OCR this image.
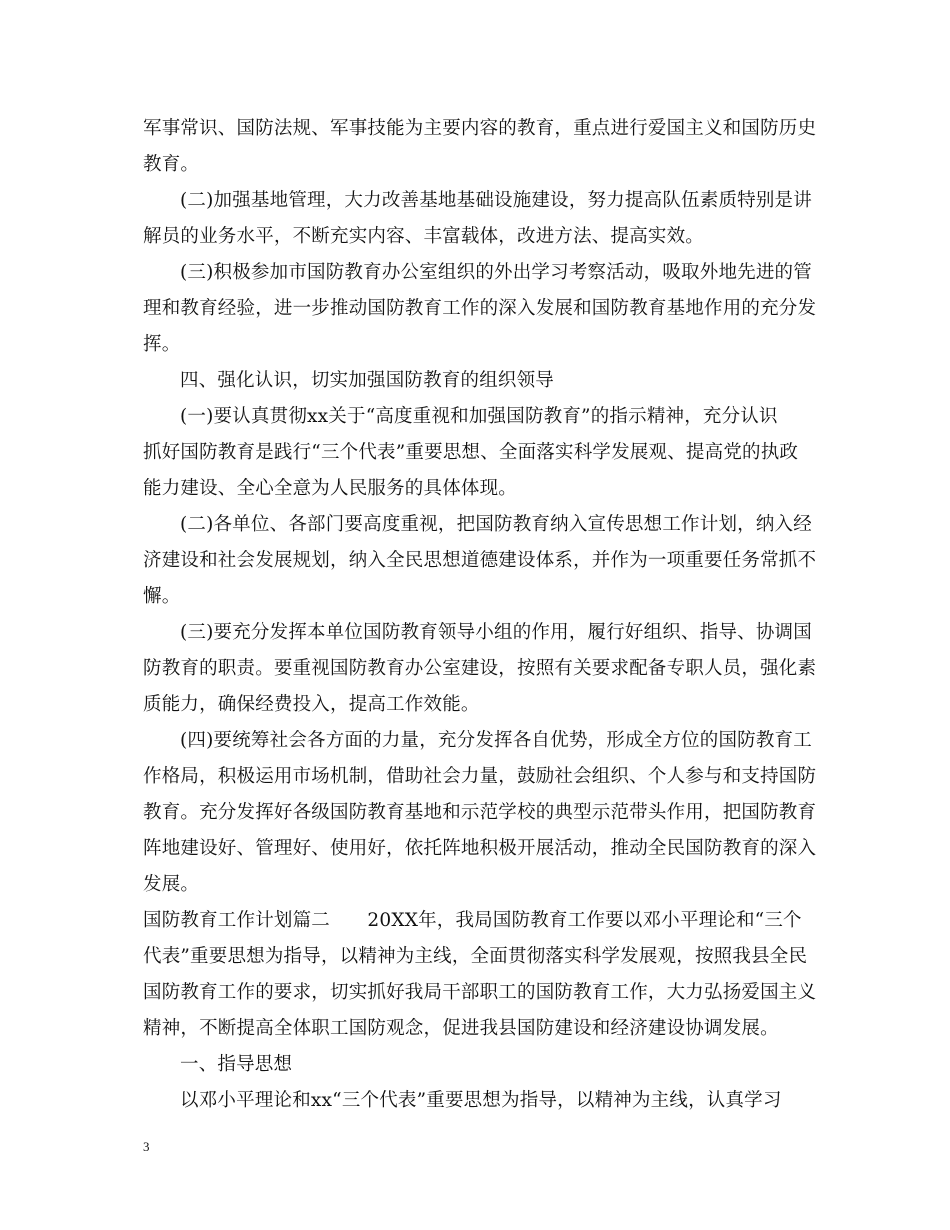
军事常识、国防法规、军事技能为主要内容的教育，重点进行爱国主义和国防历史
教育。
(二)加强基地管理，大力改善基地基础设施建设，努力提高队伍素质特别是讲
解员的业务水平，不断充实内容、丰富载体，改进方法、提高实效。
(三)积极参加市国防教育办公室组织的外出学习考察活动，吸取外地先进的管
理和教育经验，进一步推动国防教育工作的深入发展和国防教育基地作用的充分发
挥。
四、强化认识，切实加强国防教育的组织领导
(一)要认真贯彻xx关于“高度重视和加强国防教育”的指示精神，充分认识
抓好国防教育是践行“三个代表”重要思想、全面落实科学发展观、提高党的执政
能力建设、全心全意为人民服务的具体体现。
(二)各单位、各部门要高度重视，把国防教育纳入宣传思想工作计划，纳入经
济建设和社会发展规划，纳入全民思想道德建设体系，并作为一项重要任务常抓不
懈。
(三)要充分发挥本单位国防教育领导小组的作用，履行好组织、指导、协调国
防教育的职责。要重视国防教育办公室建设，按照有关要求配备专职人员，强化素
质能力，确保经费投入，提高工作效能。
(四)要统筹社会各方面的力量，充分发挥各自优势，形成全方位的国防教育工
作格局，积极运用市场机制，借助社会力量，鼓励社会组织、个人参与和支持国防
教育。充分发挥好各级国防教育基地和示范学校的典型示范带头作用，把国防教育
阵地建设好、管理好、使用好，依托阵地积极开展活动，推动全民国防教育的深入
发展。
国防教育工作计划篇二　　20XX年，我局国防教育工作要以邓小平理论和“三个
代表”重要思想为指导，以精神为主线，全面贯彻落实科学发展观，按照我县全民
国防教育工作的要求，切实抓好我局干部职工的国防教育工作，大力弘扬爱国主义
精神，不断提高全体职工国防观念，促进我县国防建设和经济建设协调发展。
一、指导思想
以邓小平理论和xx“三个代表”重要思想为指导，以精神为主线，认真学习
3
